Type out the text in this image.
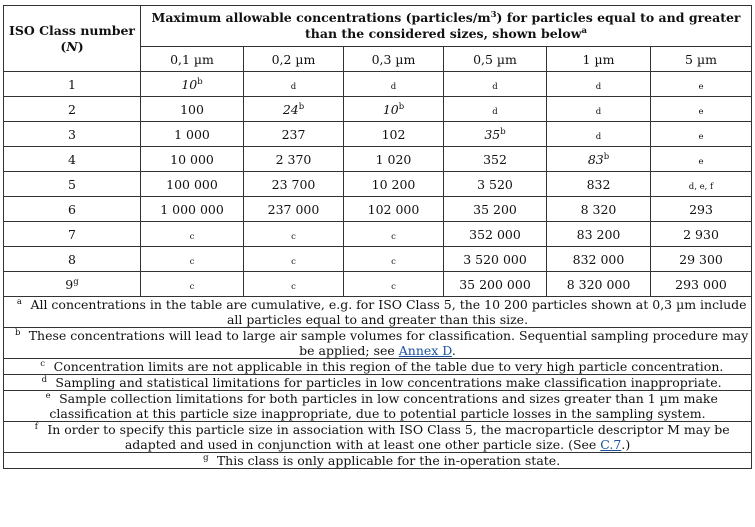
ISO Class number
(N)	Maximum allowable concentrations $(particles/m^3)$ for particles equal to and greater than the considered sizes, shown below$^a$
	0,1 µm	0,2 µm	0,3 µm	0,5 µm	1 µm	5 µm
1	10$^b$	d	d	d	d	e
2	100	24$^b$	10$^b$	d	d	e
3	1 000	237	102	35$^b$	d	e
4	10 000	2 370	1 020	352	83$^b$	e
5	100 000	23 700	10 200	3 520	832	d, e, f
6	1 000 000	237 000	102 000	35 200	8 320	293
7	c	c	c	352 000	83 200	2 930
8	c	c	c	3 520 000	832 000	29 300
9$^g$	c	c	c	35 200 000	8 320 000	293 000
a All concentrations in the table are cumulative, e.g. for ISO Class 5, the 10 200 particles shown at 0,3 µm include all particles equal to and greater than this size.						
b These concentrations will lead to large air sample volumes for classification. Sequential sampling procedure may be applied; see Annex D.						
c Concentration limits are not applicable in this region of the table due to very high particle concentration.						
d Sampling and statistical limitations for particles in low concentrations make classification inappropriate.						
e Sample collection limitations for both particles in low concentrations and sizes greater than 1 µm make classification at this particle size inappropriate, due to potential particle losses in the sampling system.						
f In order to specify this particle size in association with ISO Class 5, the macroparticle descriptor M may be adapted and used in conjunction with at least one other particle size. (See C.7.)						
g This class is only applicable for the in-operation state.						
